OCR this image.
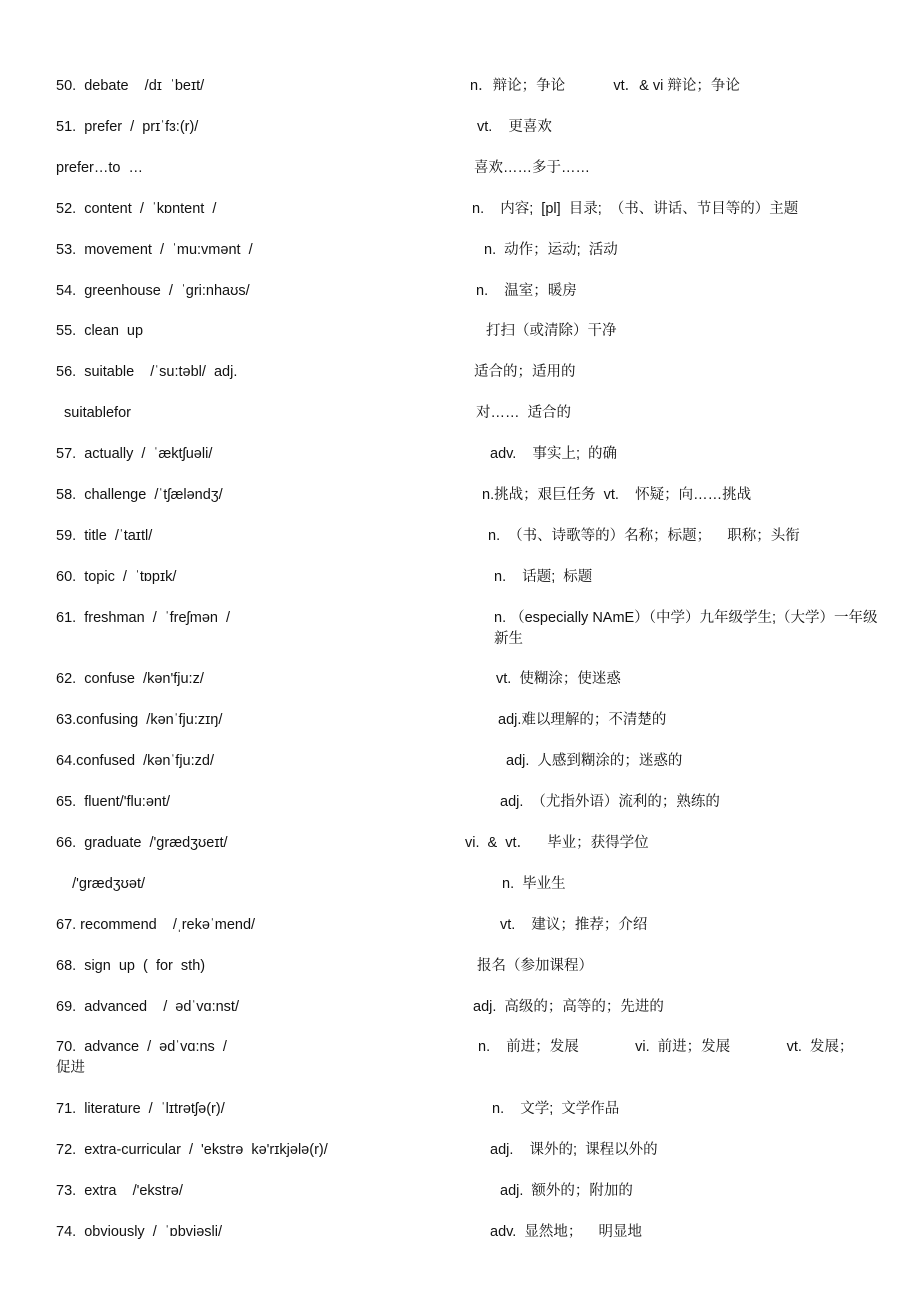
50.  debate    /dɪ  ˈbeɪt/	n．辩论；争论            vt．& vi 辩论；争论
51.  prefer  /  prɪˈfɜ:(r)/	vt.    更喜欢
prefer…to  …	喜欢……多于……
52.  content  /  ˈkɒntent  /	n.    内容;  [pl]  目录;  （书、讲话、节目等的）主题
53.  movement  /  ˈmu:vmənt  /	n.  动作；运动;  活动
54.  greenhouse  /  ˈgri:nhaʊs/	n.    温室；暖房
55.  clean  up	打扫（或清除）干净
56.  suitable    /ˈsu:təbl/  adj.	适合的；适用的
suitablefor	对……  适合的
57.  actually  /  ˈæktʃuəli/	adv.    事实上;  的确
58.  challenge  /ˈtʃæləndʒ/	n.挑战；艰巨任务  vt.    怀疑；向……挑战
59.  title  /ˈtaɪtl/	n.  （书、诗歌等的）名称；标题；    职称；头衔
60.  topic  /  ˈtɒpɪk/	n.    话题;  标题
61.  freshman  /  ˈfreʃmən  /	n. （especially NAmE）（中学）九年级学生;（大学）一年级新生
62.  confuse  /kən'fju:z/	vt.  使糊涂；使迷惑
63.confusing  /kənˈfju:zɪŋ/	adj.难以理解的；不清楚的
64.confused  /kənˈfju:zd/	adj.  人感到糊涂的；迷惑的
65.  fluent/'flu:ənt/	adj.  （尤指外语）流利的；熟练的
66.  graduate  /'ɡrædʒʊeɪt/	vi.  &  vt．    毕业；获得学位
/'ɡrædʒʊət/	n.  毕业生
67. recommend    /ˌrekəˈmend/	vt.    建议；推荐；介绍
68.  sign  up  (  for  sth)	报名（参加课程）
69.  advanced    /  ədˈvɑ:nst/	adj.  高级的；高等的；先进的
70.  advance  /  ədˈvɑ:ns  /	n.    前进；发展              vi.  前进；发展              vt.  发展；
促进
71.  literature  /  ˈlɪtrətʃə(r)/	n.    文学;  文学作品
72.  extra-curricular  /  'ekstrə  kə'rɪkjələ(r)/	adj.    课外的;  课程以外的
73.  extra    /'ekstrə/	adj.  额外的；附加的
74.  obviously  /  ˈɒbviəsli/	adv.  显然地；    明显地
